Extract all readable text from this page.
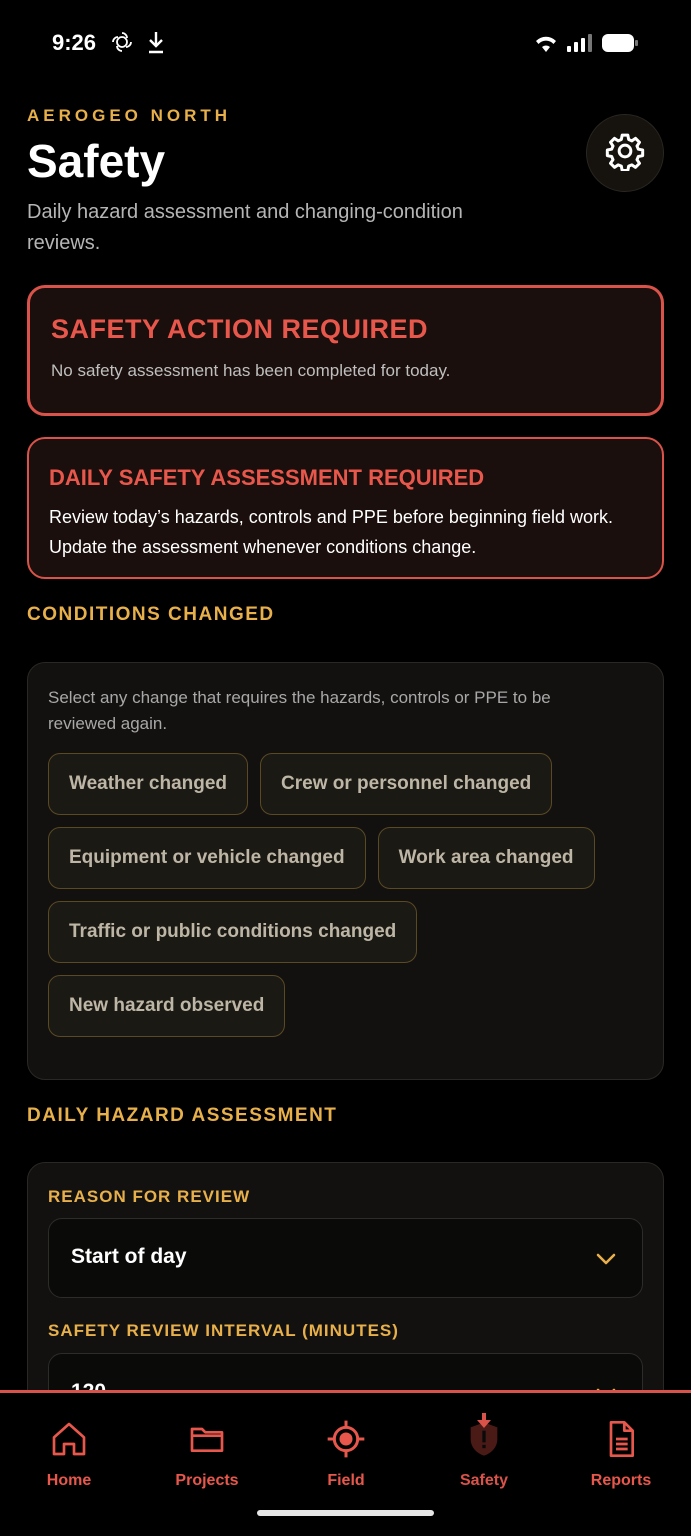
9:26
AEROGEO NORTH
Safety

Daily hazard assessment and changing-condition reviews.

SAFETY ACTION REQUIRED
No safety assessment has been completed for today.
DAILY SAFETY ASSESSMENT REQUIRED
Review today’s hazards, controls and PPE before beginning field work. Update the assessment whenever conditions change.
CONDITIONS CHANGED

Select any change that requires the hazards, controls or PPE to be reviewed again.

Weather changed	Crew or personnel changed
Equipment or vehicle changed	Work area changed
Traffic or public conditions changed
New hazard observed
DAILY HAZARD ASSESSMENT
REASON FOR REVIEW
Start of day
SAFETY REVIEW INTERVAL (MINUTES)
Home	Projects	Field	Safety	Reports
